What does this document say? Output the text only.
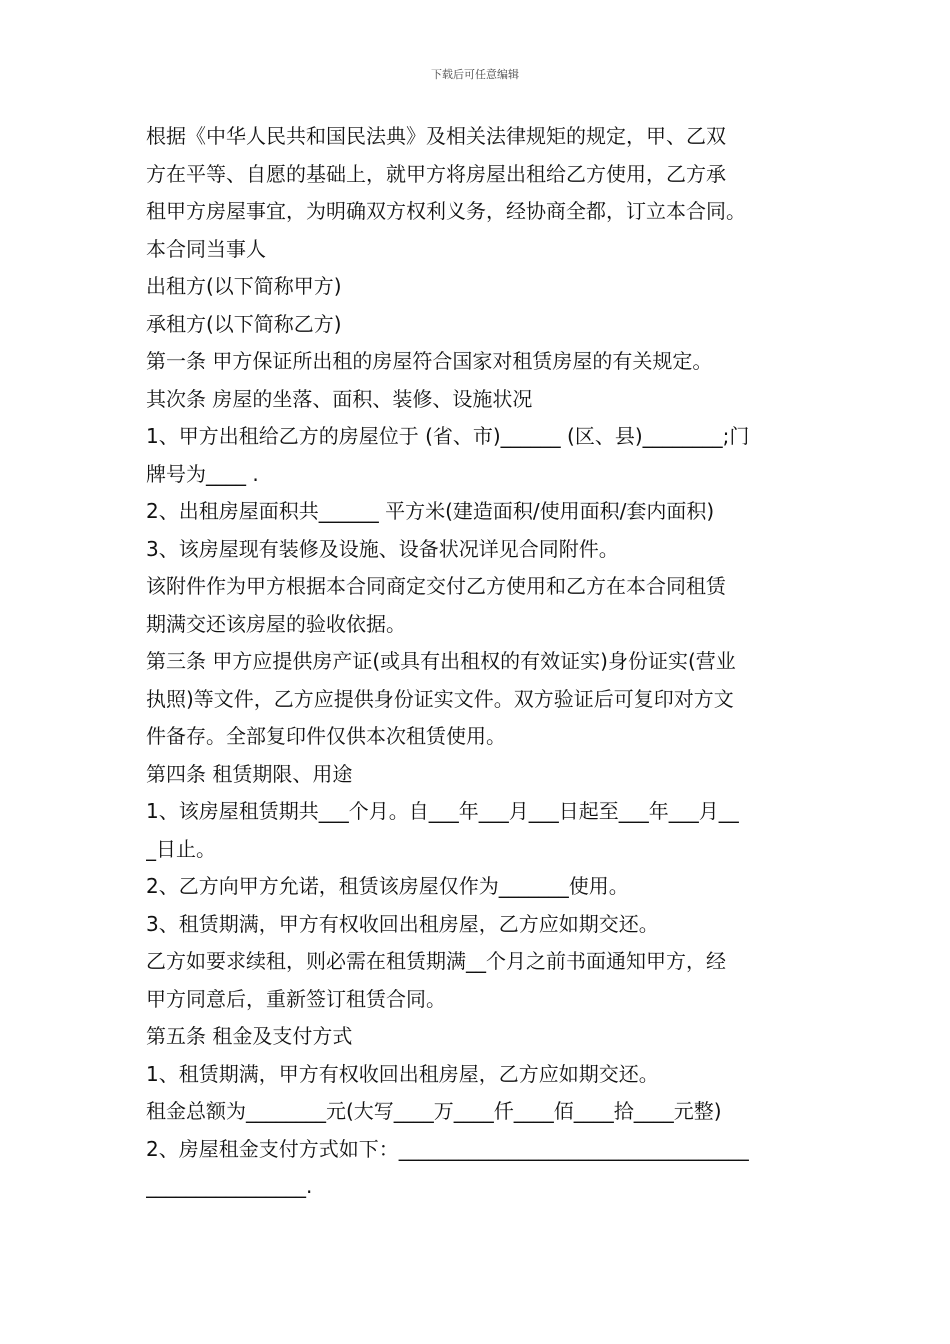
下载后可任意编辑
根据《中华人民共和国民法典》及相关法律规矩的规定，甲、乙双
方在平等、自愿的基础上，就甲方将房屋出租给乙方使用，乙方承
租甲方房屋事宜，为明确双方权利义务，经协商全都，订立本合同。
本合同当事人
出租方(以下简称甲方)
承租方(以下简称乙方)
第一条 甲方保证所出租的房屋符合国家对租赁房屋的有关规定。
其次条 房屋的坐落、面积、装修、设施状况
1、甲方出租给乙方的房屋位于 (省、市)______ (区、县)________;门
牌号为____ .
2、出租房屋面积共______ 平方米(建造面积/使用面积/套内面积)
3、该房屋现有装修及设施、设备状况详见合同附件。
该附件作为甲方根据本合同商定交付乙方使用和乙方在本合同租赁
期满交还该房屋的验收依据。
第三条 甲方应提供房产证(或具有出租权的有效证实)身份证实(营业
执照)等文件，乙方应提供身份证实文件。双方验证后可复印对方文
件备存。全部复印件仅供本次租赁使用。
第四条 租赁期限、用途
1、该房屋租赁期共___个月。自___年___月___日起至___年___月__
_日止。
2、乙方向甲方允诺，租赁该房屋仅作为_______使用。
3、租赁期满，甲方有权收回出租房屋，乙方应如期交还。
乙方如要求续租，则必需在租赁期满__个月之前书面通知甲方，经
甲方同意后，重新签订租赁合同。
第五条 租金及支付方式
1、租赁期满，甲方有权收回出租房屋，乙方应如期交还。
租金总额为________元(大写____万____仟____佰____拾____元整)
2、房屋租金支付方式如下：___________________________________
________________.
